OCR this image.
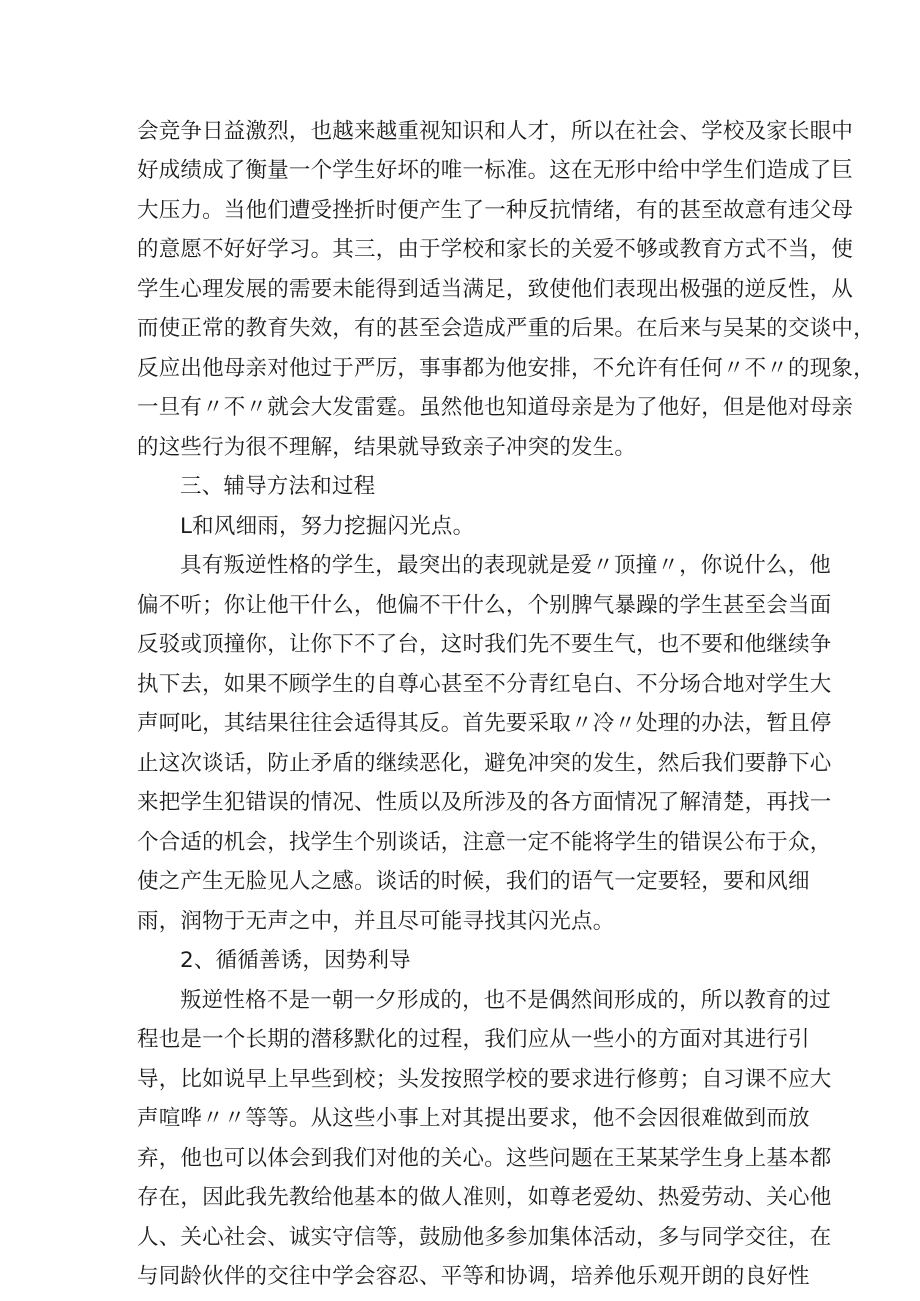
会竞争日益激烈，也越来越重视知识和人才，所以在社会、学校及家长眼中
好成绩成了衡量一个学生好坏的唯一标准。这在无形中给中学生们造成了巨
大压力。当他们遭受挫折时便产生了一种反抗情绪，有的甚至故意有违父母
的意愿不好好学习。其三，由于学校和家长的关爱不够或教育方式不当，使
学生心理发展的需要未能得到适当满足，致使他们表现出极强的逆反性，从
而使正常的教育失效，有的甚至会造成严重的后果。在后来与吴某的交谈中，
反应出他母亲对他过于严厉，事事都为他安排，不允许有任何〃不〃的现象，
一旦有〃不〃就会大发雷霆。虽然他也知道母亲是为了他好，但是他对母亲
的这些行为很不理解，结果就导致亲子冲突的发生。
三、辅导方法和过程
L和风细雨，努力挖掘闪光点。
具有叛逆性格的学生，最突出的表现就是爱〃顶撞〃，你说什么，他
偏不听；你让他干什么，他偏不干什么，个别脾气暴躁的学生甚至会当面
反驳或顶撞你，让你下不了台，这时我们先不要生气，也不要和他继续争
执下去，如果不顾学生的自尊心甚至不分青红皂白、不分场合地对学生大
声呵叱，其结果往往会适得其反。首先要采取〃冷〃处理的办法，暂且停
止这次谈话，防止矛盾的继续恶化，避免冲突的发生，然后我们要静下心
来把学生犯错误的情况、性质以及所涉及的各方面情况了解清楚，再找一
个合适的机会，找学生个别谈话，注意一定不能将学生的错误公布于众，
使之产生无脸见人之感。谈话的时候，我们的语气一定要轻，要和风细
雨，润物于无声之中，并且尽可能寻找其闪光点。
2、循循善诱，因势利导
叛逆性格不是一朝一夕形成的，也不是偶然间形成的，所以教育的过
程也是一个长期的潜移默化的过程，我们应从一些小的方面对其进行引
导，比如说早上早些到校；头发按照学校的要求进行修剪；自习课不应大
声喧哗〃〃等等。从这些小事上对其提出要求，他不会因很难做到而放
弃，他也可以体会到我们对他的关心。这些问题在王某某学生身上基本都
存在，因此我先教给他基本的做人准则，如尊老爱幼、热爱劳动、关心他
人、关心社会、诚实守信等，鼓励他多参加集体活动，多与同学交往，在
与同龄伙伴的交往中学会容忍、平等和协调，培养他乐观开朗的良好性
